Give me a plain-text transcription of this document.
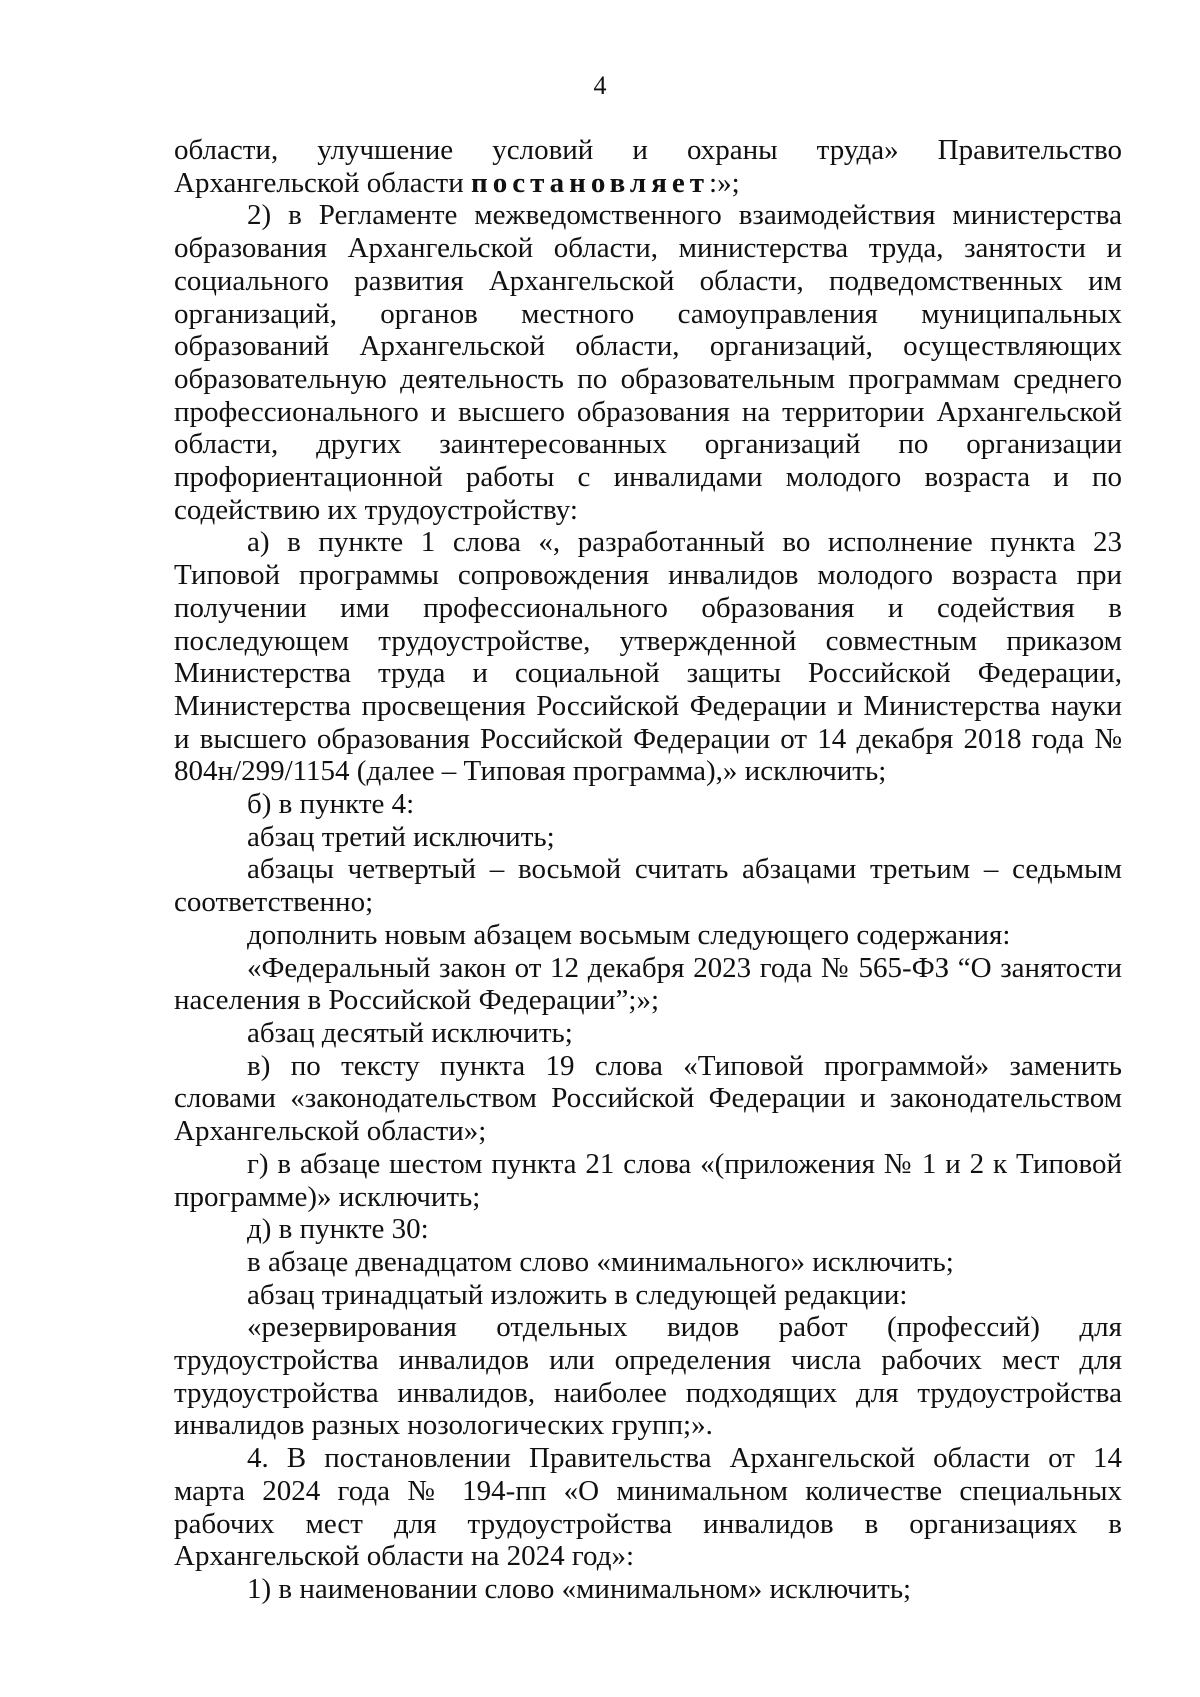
4

области, улучшение условий и охраны труда» Правительство Архангельской области постановляет:»;

2) в Регламенте межведомственного взаимодействия министерства образования Архангельской области, министерства труда, занятости и социального развития Архангельской области, подведомственных им организаций, органов местного самоуправления муниципальных образований Архангельской области, организаций, осуществляющих образовательную деятельность по образовательным программам среднего профессионального и высшего образования на территории Архангельской области, других заинтересованных организаций по организации профориентационной работы с инвалидами молодого возраста и по содействию их трудоустройству:

а) в пункте 1 слова «, разработанный во исполнение пункта 23 Типовой программы сопровождения инвалидов молодого возраста при получении ими профессионального образования и содействия в последующем трудоустройстве, утвержденной совместным приказом Министерства труда и социальной защиты Российской Федерации, Министерства просвещения Российской Федерации и Министерства науки и высшего образования Российской Федерации от 14 декабря 2018 года № 804н/299/1154 (далее – Типовая программа),» исключить;

б) в пункте 4:

абзац третий исключить;

абзацы четвертый – восьмой считать абзацами третьим – седьмым соответственно;

дополнить новым абзацем восьмым следующего содержания:

«Федеральный закон от 12 декабря 2023 года № 565-ФЗ “О занятости населения в Российской Федерации”;»;

абзац десятый исключить;

в) по тексту пункта 19 слова «Типовой программой» заменить словами «законодательством Российской Федерации и законодательством Архангельской области»;

г) в абзаце шестом пункта 21 слова «(приложения № 1 и 2 к Типовой программе)» исключить;

д) в пункте 30:

в абзаце двенадцатом слово «минимального» исключить;

абзац тринадцатый изложить в следующей редакции:

«резервирования отдельных видов работ (профессий) для трудоустройства инвалидов или определения числа рабочих мест для трудоустройства инвалидов, наиболее подходящих для трудоустройства инвалидов разных нозологических групп;».

4. В постановлении Правительства Архангельской области от 14 марта 2024 года № 194-пп «О минимальном количестве специальных рабочих мест для трудоустройства инвалидов в организациях в Архангельской области на 2024 год»:

1) в наименовании слово «минимальном» исключить;
